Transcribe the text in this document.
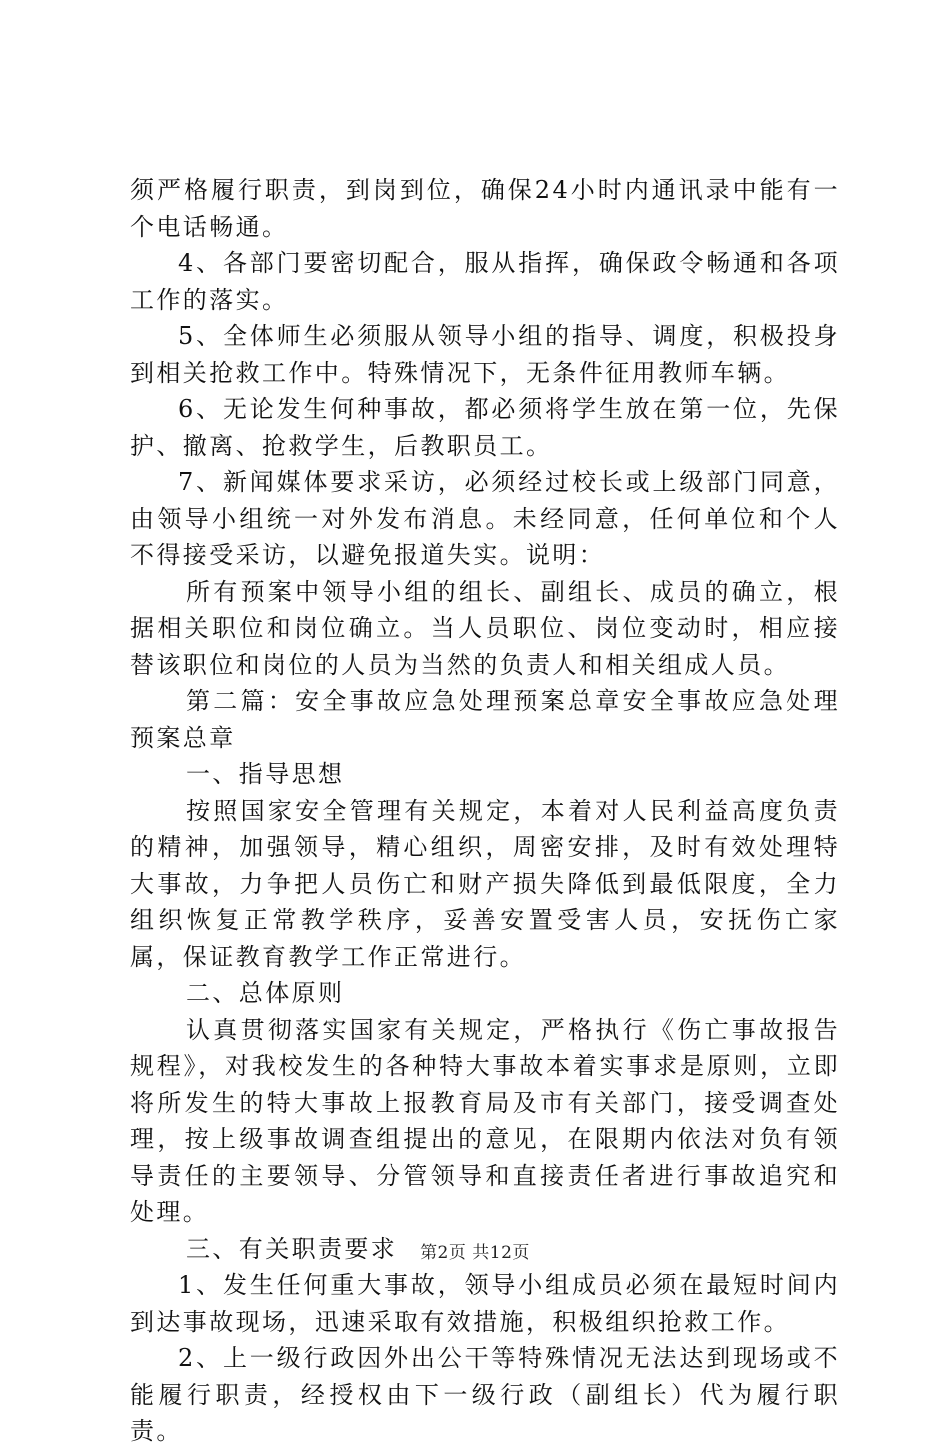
须严格履行职责，到岗到位，确保24小时内通讯录中能有一个电话畅通。

4、各部门要密切配合，服从指挥，确保政令畅通和各项工作的落实。

5、全体师生必须服从领导小组的指导、调度，积极投身到相关抢救工作中。特殊情况下，无条件征用教师车辆。

6、无论发生何种事故，都必须将学生放在第一位，先保护、撤离、抢救学生，后教职员工。

7、新闻媒体要求采访，必须经过校长或上级部门同意，由领导小组统一对外发布消息。未经同意，任何单位和个人不得接受采访，以避免报道失实。说明：

所有预案中领导小组的组长、副组长、成员的确立，根据相关职位和岗位确立。当人员职位、岗位变动时，相应接替该职位和岗位的人员为当然的负责人和相关组成人员。

第二篇：安全事故应急处理预案总章安全事故应急处理预案总章

一、指导思想

按照国家安全管理有关规定，本着对人民利益高度负责的精神，加强领导，精心组织，周密安排，及时有效处理特大事故，力争把人员伤亡和财产损失降低到最低限度，全力组织恢复正常教学秩序，妥善安置受害人员，安抚伤亡家属，保证教育教学工作正常进行。

二、总体原则

认真贯彻落实国家有关规定，严格执行《伤亡事故报告规程》，对我校发生的各种特大事故本着实事求是原则，立即将所发生的特大事故上报教育局及市有关部门，接受调查处理，按上级事故调查组提出的意见，在限期内依法对负有领导责任的主要领导、分管领导和直接责任者进行事故追究和处理。

三、有关职责要求

1、发生任何重大事故，领导小组成员必须在最短时间内到达事故现场，迅速采取有效措施，积极组织抢救工作。

2、上一级行政因外出公干等特殊情况无法达到现场或不能履行职责，经授权由下一级行政（副组长）代为履行职责。

第2页 共12页
